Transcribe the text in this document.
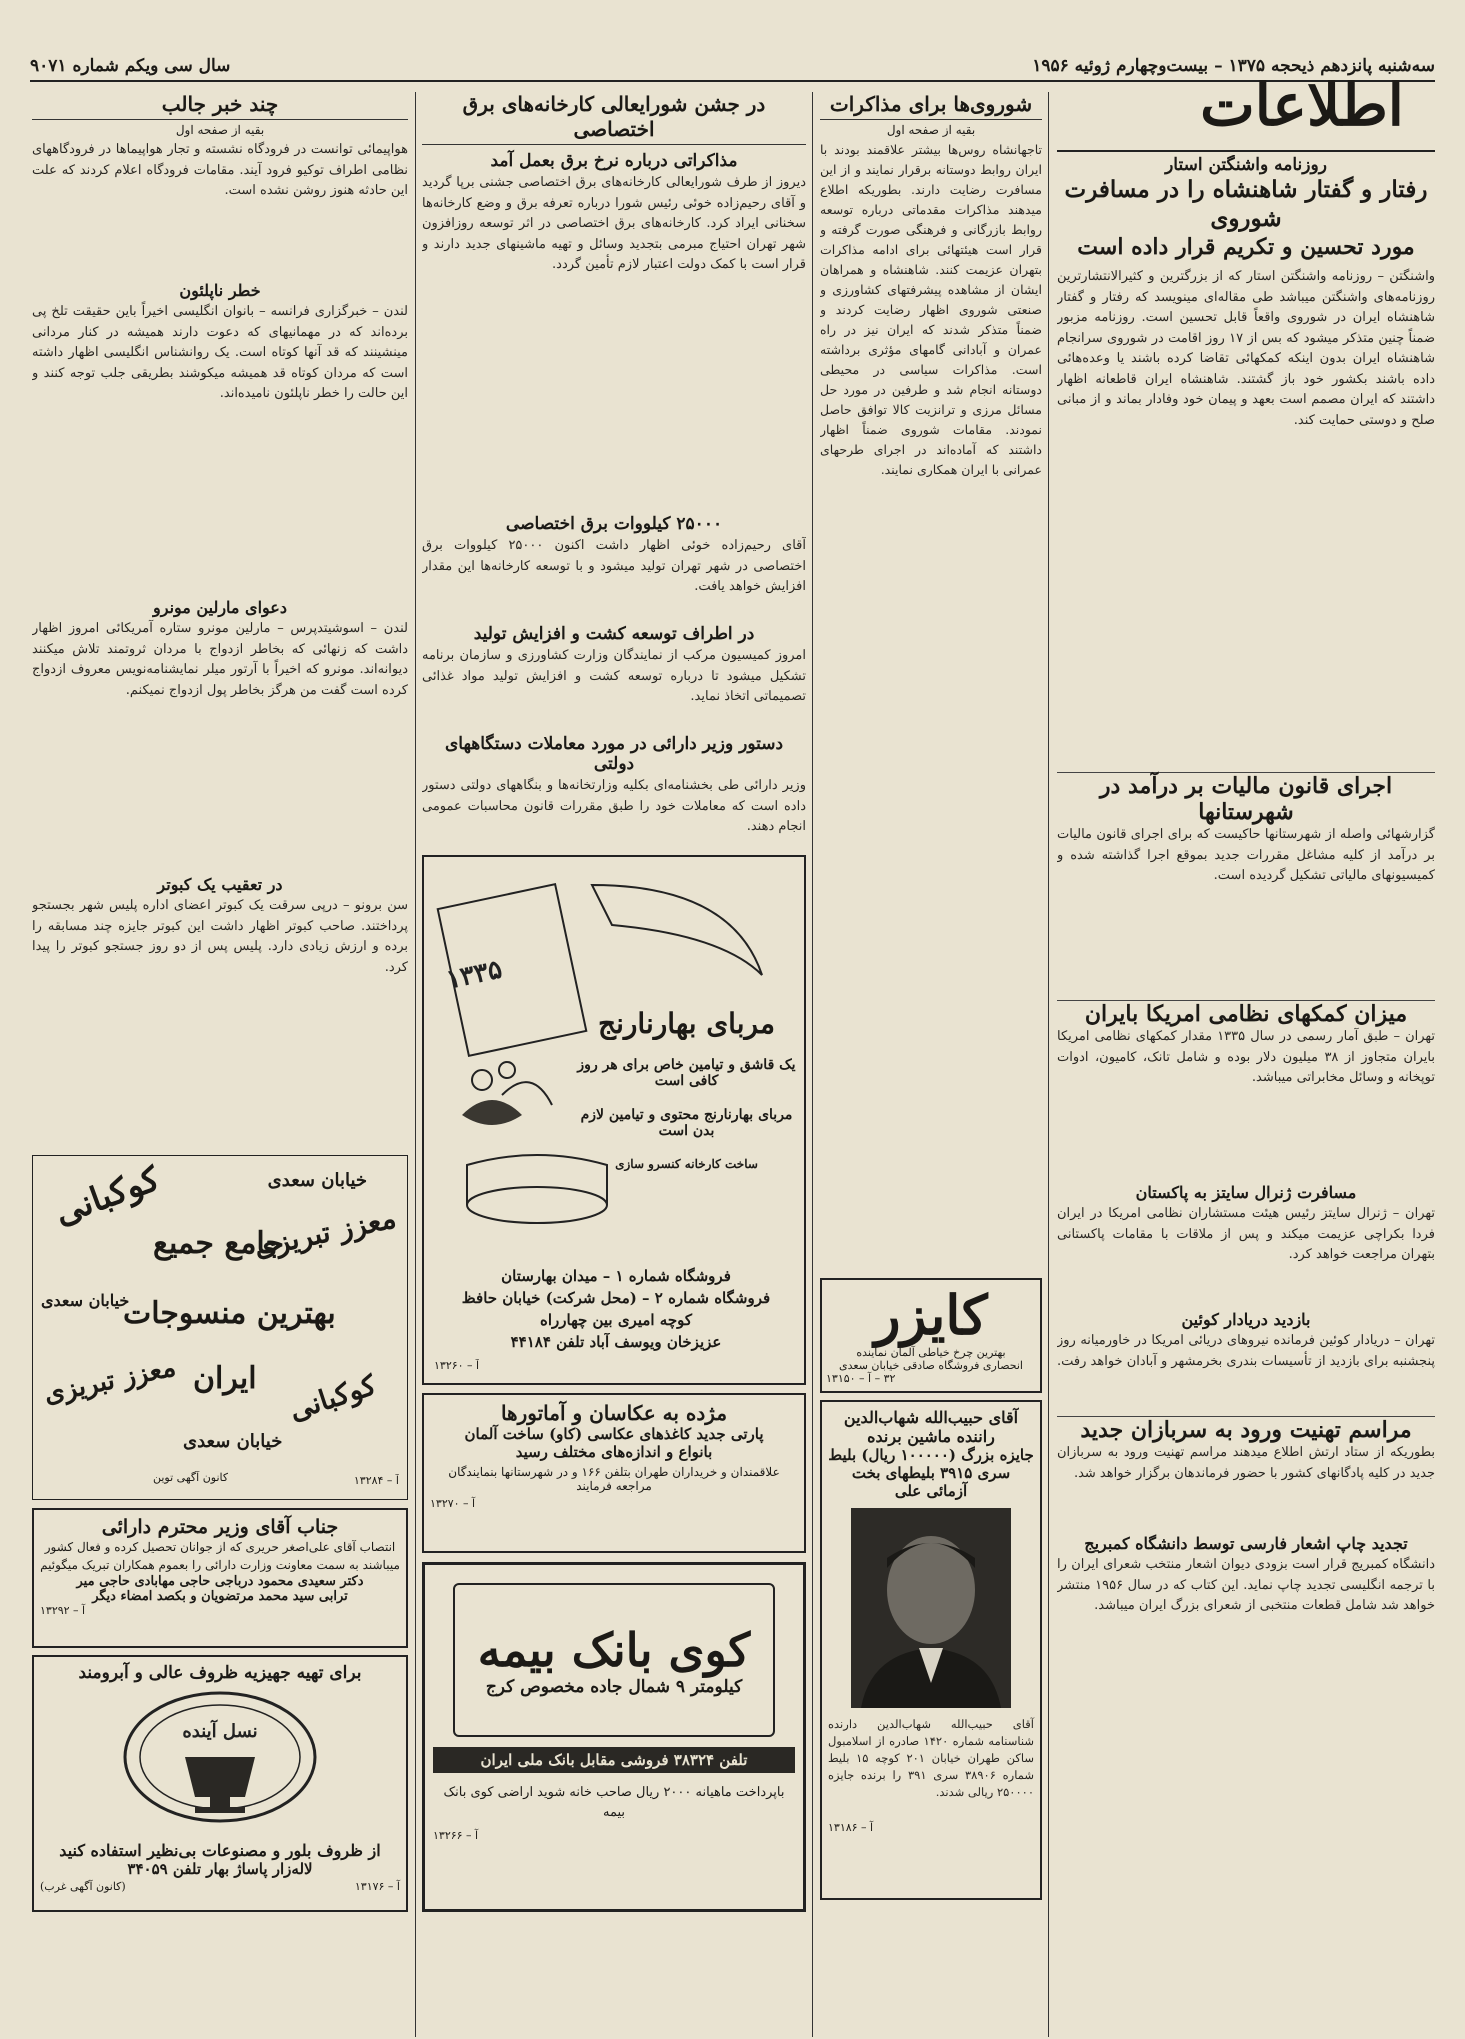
سال سی ویکم شماره ۹۰۷۱	سه‌شنبه پانزدهم ذیحجه ۱۳۷۵ – بیست‌وچهارم ژوئیه ۱۹۵۶
اطلاعات
روزنامه واشنگتن استار
رفتار و گفتار شاهنشاه را در مسافرت شوروی
مورد تحسین و تکریم قرار داده است
واشنگتن – روزنامه واشنگتن استار که از بزرگترین و کثیرالانتشارترین روزنامه‌های واشنگتن میباشد طی مقاله‌ای مینویسد که رفتار و گفتار شاهنشاه ایران در شوروی واقعاً قابل تحسین است. روزنامه مزبور ضمناً چنین متذکر میشود که بس از ۱۷ روز اقامت در شوروی سرانجام شاهنشاه ایران بدون اینکه کمکهائی تقاضا کرده باشند یا وعده‌هائی داده باشند بکشور خود باز گشتند. شاهنشاه ایران قاطعانه اظهار داشتند که ایران مصمم است بعهد و پیمان خود وفادار بماند و از مبانی صلح و دوستی حمایت کند.
اجرای قانون مالیات بر درآمد در شهرستانها
گزارشهائی واصله از شهرستانها حاکیست که برای اجرای قانون مالیات بر درآمد از کلیه مشاغل مقررات جدید بموقع اجرا گذاشته شده و کمیسیونهای مالیاتی تشکیل گردیده است.
میزان کمکهای نظامی امریکا بایران
تهران – طبق آمار رسمی در سال ۱۳۳۵ مقدار کمکهای نظامی امریکا بایران متجاوز از ۳۸ میلیون دلار بوده و شامل تانک، کامیون، ادوات توپخانه و وسائل مخابراتی میباشد.
مسافرت ژنرال سایتز به پاکستان
تهران – ژنرال سایتز رئیس هیئت مستشاران نظامی امریکا در ایران فردا بکراچی عزیمت میکند و پس از ملاقات با مقامات پاکستانی بتهران مراجعت خواهد کرد.
بازدید دریادار کوئین
تهران – دریادار کوئین فرمانده نیروهای دریائی امریکا در خاورمیانه روز پنجشنبه برای بازدید از تأسیسات بندری بخرمشهر و آبادان خواهد رفت.
مراسم تهنیت ورود به سربازان جدید
بطوریکه از ستاد ارتش اطلاع میدهند مراسم تهنیت ورود به سربازان جدید در کلیه پادگانهای کشور با حضور فرماندهان برگزار خواهد شد.
تجدید چاپ اشعار فارسی توسط دانشگاه کمبریج
دانشگاه کمبریج قرار است بزودی دیوان اشعار منتخب شعرای ایران را با ترجمه انگلیسی تجدید چاپ نماید. این کتاب که در سال ۱۹۵۶ منتشر خواهد شد شامل قطعات منتخبی از شعرای بزرگ ایران میباشد.
شوروی‌ها برای مذاکرات
بقیه از صفحه اول
تاجهانشاه روس‌ها بیشتر علاقمند بودند با ایران روابط دوستانه برقرار نمایند و از این مسافرت رضایت دارند. بطوریکه اطلاع میدهند مذاکرات مقدماتی درباره توسعه روابط بازرگانی و فرهنگی صورت گرفته و قرار است هیئتهائی برای ادامه مذاکرات بتهران عزیمت کنند. شاهنشاه و همراهان ایشان از مشاهده پیشرفتهای کشاورزی و صنعتی شوروی اظهار رضایت کردند و ضمناً متذکر شدند که ایران نیز در راه عمران و آبادانی گامهای مؤثری برداشته است. مذاکرات سیاسی در محیطی دوستانه انجام شد و طرفین در مورد حل مسائل مرزی و ترانزیت کالا توافق حاصل نمودند. مقامات شوروی ضمناً اظهار داشتند که آماده‌اند در اجرای طرحهای عمرانی با ایران همکاری نمایند.
کایزر
بهترین چرخ خیاطی آلمان نماینده
انحصاری فروشگاه صادقی خیابان سعدی
۳۲ – آ – ۱۳۱۵۰
آقای حبیب‌الله شهاب‌الدین
راننده ماشین برنده
جایزه بزرگ (۱۰۰۰۰۰ ریال) بلیط
سری ۳۹۱۵ بلیطهای بخت
آزمائی علی
آقای حبیب‌الله شهاب‌الدین دارنده شناسنامه شماره ۱۴۲۰ صادره از اسلامبول ساکن طهران خیابان ۲۰۱ کوچه ۱۵ بلیط شماره ۳۸۹۰۶ سری ۳۹۱ را برنده جایزه ۲۵۰۰۰۰ ریالی شدند.
آ – ۱۳۱۸۶
در جشن شورایعالی کارخانه‌های برق اختصاصی
مذاکراتی درباره نرخ برق بعمل آمد
دیروز از طرف شورایعالی کارخانه‌های برق اختصاصی جشنی برپا گردید و آقای رحیم‌زاده خوئی رئیس شورا درباره تعرفه برق و وضع کارخانه‌ها سخنانی ایراد کرد. کارخانه‌های برق اختصاصی در اثر توسعه روزافزون شهر تهران احتیاج مبرمی بتجدید وسائل و تهیه ماشینهای جدید دارند و قرار است با کمک دولت اعتبار لازم تأمین گردد.
۲۵۰۰۰ کیلووات برق اختصاصی
آقای رحیم‌زاده خوئی اظهار داشت اکنون ۲۵۰۰۰ کیلووات برق اختصاصی در شهر تهران تولید میشود و با توسعه کارخانه‌ها این مقدار افزایش خواهد یافت.
در اطراف توسعه کشت و افزایش تولید
امروز کمیسیون مرکب از نمایندگان وزارت کشاورزی و سازمان برنامه تشکیل میشود تا درباره توسعه کشت و افزایش تولید مواد غذائی تصمیماتی اتخاذ نماید.
دستور وزیر دارائی در مورد معاملات دستگاههای دولتی
وزیر دارائی طی بخشنامه‌ای بکلیه وزارتخانه‌ها و بنگاههای دولتی دستور داده است که معاملات خود را طبق مقررات قانون محاسبات عمومی انجام دهند.
۱۳۳۵
مربای بهارنارنج
یک قاشق و تیامین خاص برای هر روز کافی است
مربای بهارنارنج محتوی و تیامین لازم بدن است
ساخت کارخانه کنسرو سازی
فروشگاه شماره ۱ – میدان بهارستان
فروشگاه شماره ۲ – (محل شرکت) خیابان حافظ
کوچه امیری بین چهارراه
عزیزخان ویوسف آباد تلفن ۴۴۱۸۴
آ – ۱۳۲۶۰
مژده به عکاسان و آماتورها
پارتی جدید کاغذهای عکاسی (کاو) ساخت آلمان
بانواع و اندازه‌های مختلف رسید
علاقمندان و خریداران طهران بتلفن ۱۶۶ و در شهرستانها بنمایندگان مراجعه فرمایند
آ – ۱۳۲۷۰
کوی بانک بیمه
کیلومتر ۹ شمال جاده مخصوص کرج
تلفن ۳۸۳۲۴ فروشی مقابل بانک ملی ایران
باپرداخت ماهیانه ۲۰۰۰ ریال صاحب خانه شوید اراضی کوی بانک بیمه
آ – ۱۳۲۶۶
چند خبر جالب
بقیه از صفحه اول
هواپیمائی توانست در فرودگاه نشسته و تجار هواپیماها در فرودگاههای نظامی اطراف توکیو فرود آیند. مقامات فرودگاه اعلام کردند که علت این حادثه هنوز روشن نشده است.
خطر ناپلئون
لندن – خبرگزاری فرانسه – بانوان انگلیسی اخیراً باین حقیقت تلخ پی برده‌اند که در مهمانیهای که دعوت دارند همیشه در کنار مردانی مینشینند که قد آنها کوتاه است. یک روانشناس انگلیسی اظهار داشته است که مردان کوتاه قد همیشه میکوشند بطریقی جلب توجه کنند و این حالت را خطر ناپلئون نامیده‌اند.
دعوای مارلین مونرو
لندن – اسوشیتدپرس – مارلین مونرو ستاره آمریکائی امروز اظهار داشت که زنهائی که بخاطر ازدواج با مردان ثروتمند تلاش میکنند دیوانه‌اند. مونرو که اخیراً با آرتور میلر نمایشنامه‌نویس معروف ازدواج کرده است گفت من هرگز بخاطر پول ازدواج نمیکنم.
در تعقیب یک کبوتر
سن برونو – درپی سرقت یک کبوتر اعضای اداره پلیس شهر بجستجو پرداختند. صاحب کبوتر اظهار داشت این کبوتر جایزه چند مسابقه را برده و ارزش زیادی دارد. پلیس پس از دو روز جستجو کبوتر را پیدا کرد.
خیابان سعدی
کوکبانی
جامع جمیع
معزز تبریزی
بهترین منسوجات
خیابان سعدی
ایران
معزز تبریزی	کوکبانی
خیابان سعدی
کانون آگهی توین	آ – ۱۳۲۸۴
جناب آقای وزیر محترم دارائی
انتصاب آقای علی‌اصغر حریری که از جوانان تحصیل کرده و فعال کشور میباشند به سمت معاونت وزارت دارائی را بعموم همکاران تبریک میگوئیم
دکتر سعیدی محمود درباجی حاجی مهابادی حاجی میر
ترابی سید محمد مرتضویان و بکصد امضاء دیگر
آ – ۱۳۲۹۲
برای تهیه جهیزیه ظروف عالی و آبرومند
نسل آینده
از ظروف بلور و مصنوعات بی‌نظیر استفاده کنید
لاله‌زار پاساژ بهار تلفن ۳۴۰۵۹
آ – ۱۳۱۷۶
(کانون آگهی غرب)
